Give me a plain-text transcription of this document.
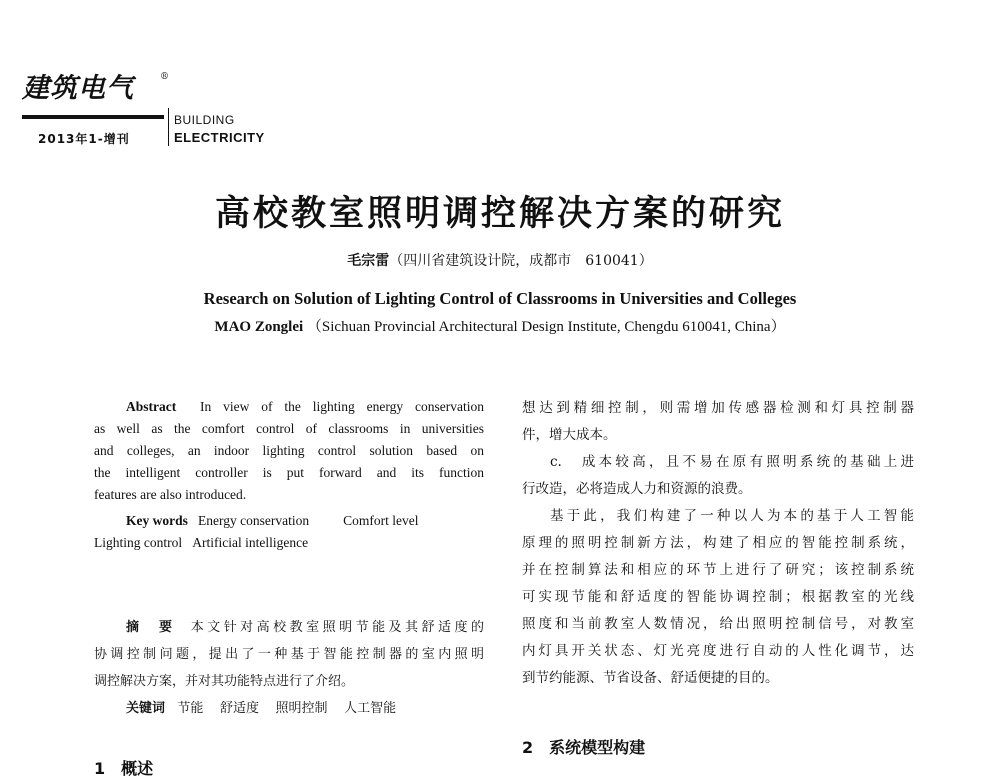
建筑电气	®
2013年1-增刊
BUILDING
ELECTRICITY
高校教室照明调控解决方案的研究
毛宗雷（四川省建筑设计院，成都市　610041）
Research on Solution of Lighting Control of Classrooms in Universities and Colleges
MAO Zonglei （Sichuan Provincial Architectural Design Institute, Chengdu 610041, China）
Abstract In view of the lighting energy conservation
as well as the comfort control of classrooms in universities
and colleges, an indoor lighting control solution based on
the intelligent controller is put forward and its function
features are also introduced.
Key words Energy conservation	Comfort level
Lighting control Artificial intelligence
摘　要 本文针对高校教室照明节能及其舒适度的
协调控制问题，提出了一种基于智能控制器的室内照明
调控解决方案，并对其功能特点进行了介绍。
关键词 节能 舒适度 照明控制 人工智能
1　概述
想达到精细控制，则需增加传感器检测和灯具控制器
件，增大成本。
c.　成本较高，且不易在原有照明系统的基础上进
行改造，必将造成人力和资源的浪费。
基于此，我们构建了一种以人为本的基于人工智能
原理的照明控制新方法，构建了相应的智能控制系统，
并在控制算法和相应的环节上进行了研究；该控制系统
可实现节能和舒适度的智能协调控制；根据教室的光线
照度和当前教室人数情况，给出照明控制信号，对教室
内灯具开关状态、灯光亮度进行自动的人性化调节，达
到节约能源、节省设备、舒适便捷的目的。
2　系统模型构建
